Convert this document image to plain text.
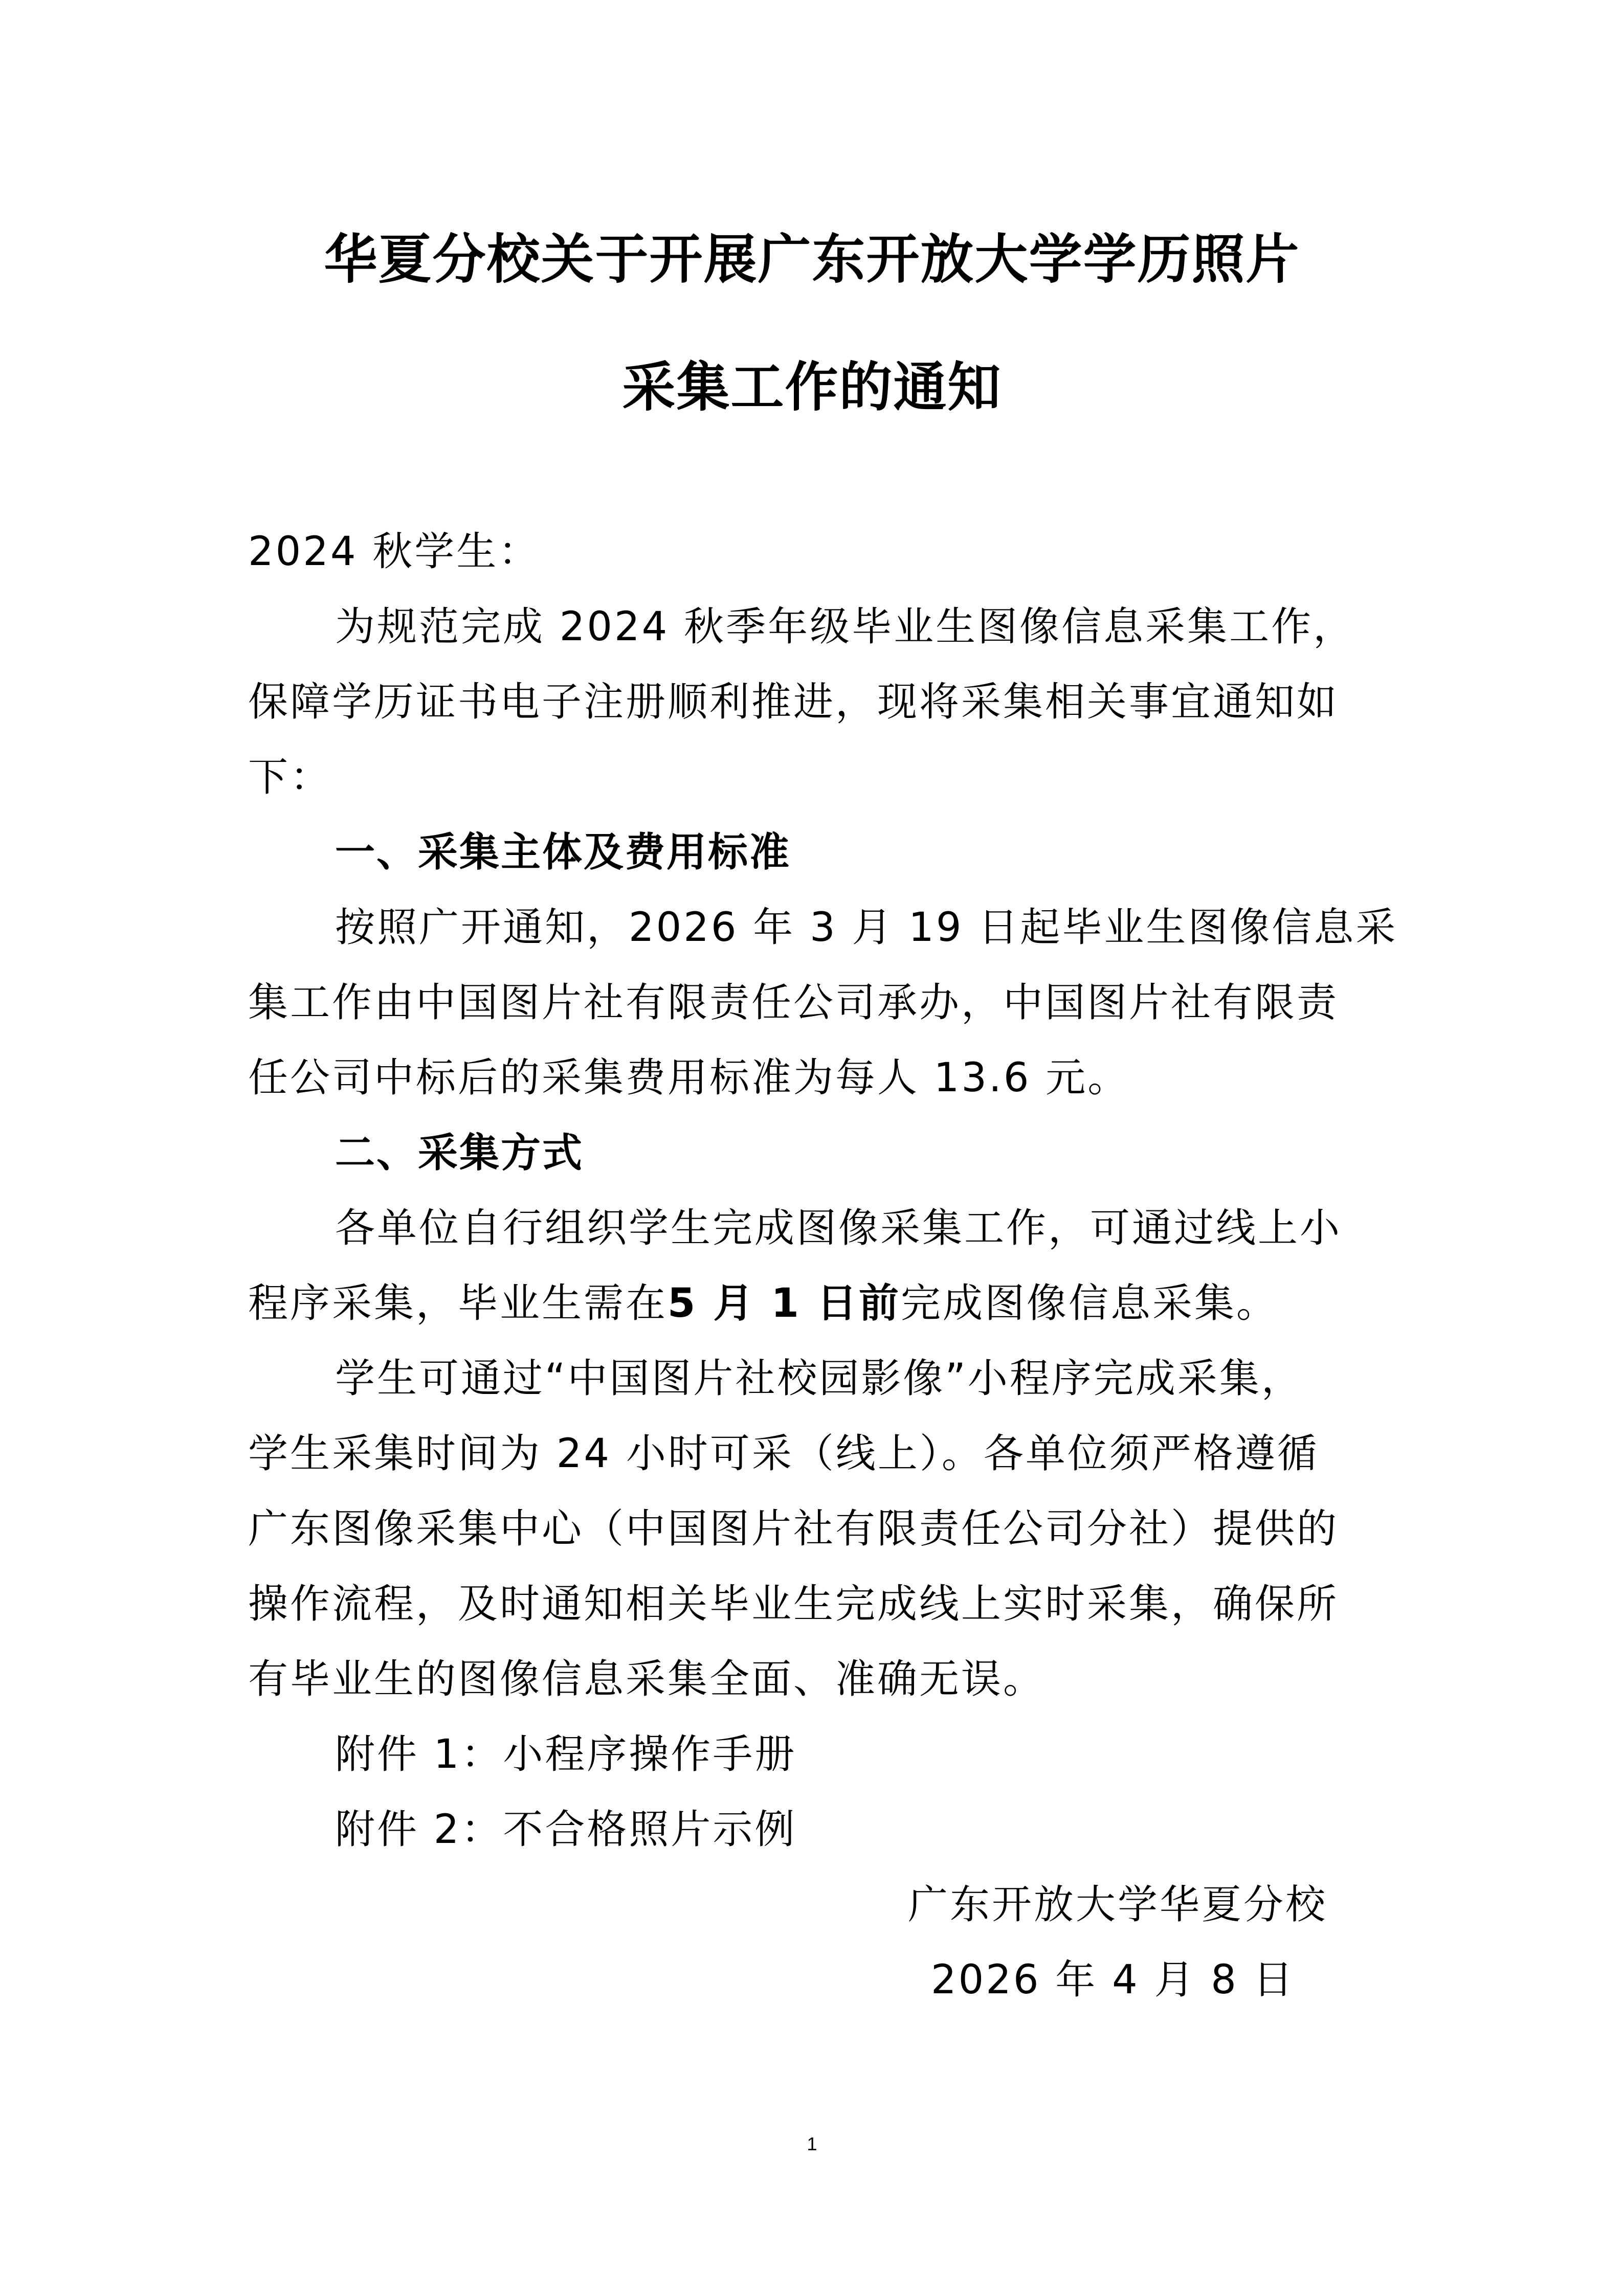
华夏分校关于开展广东开放大学学历照片
采集工作的通知
2024 秋学生：
为规范完成 2024 秋季年级毕业生图像信息采集工作，
保障学历证书电子注册顺利推进，现将采集相关事宜通知如
下：
一、采集主体及费用标准
按照广开通知，2026 年 3 月 19 日起毕业生图像信息采
集工作由中国图片社有限责任公司承办，中国图片社有限责
任公司中标后的采集费用标准为每人 13.6 元。
二、采集方式
各单位自行组织学生完成图像采集工作，可通过线上小
程序采集，毕业生需在5 月 1 日前完成图像信息采集。
学生可通过“中国图片社校园影像”小程序完成采集，
学生采集时间为 24 小时可采（线上）。各单位须严格遵循
广东图像采集中心（中国图片社有限责任公司分社）提供的
操作流程，及时通知相关毕业生完成线上实时采集，确保所
有毕业生的图像信息采集全面、准确无误。
附件 1：小程序操作手册
附件 2：不合格照片示例
广东开放大学华夏分校
2026 年 4 月 8 日
1
